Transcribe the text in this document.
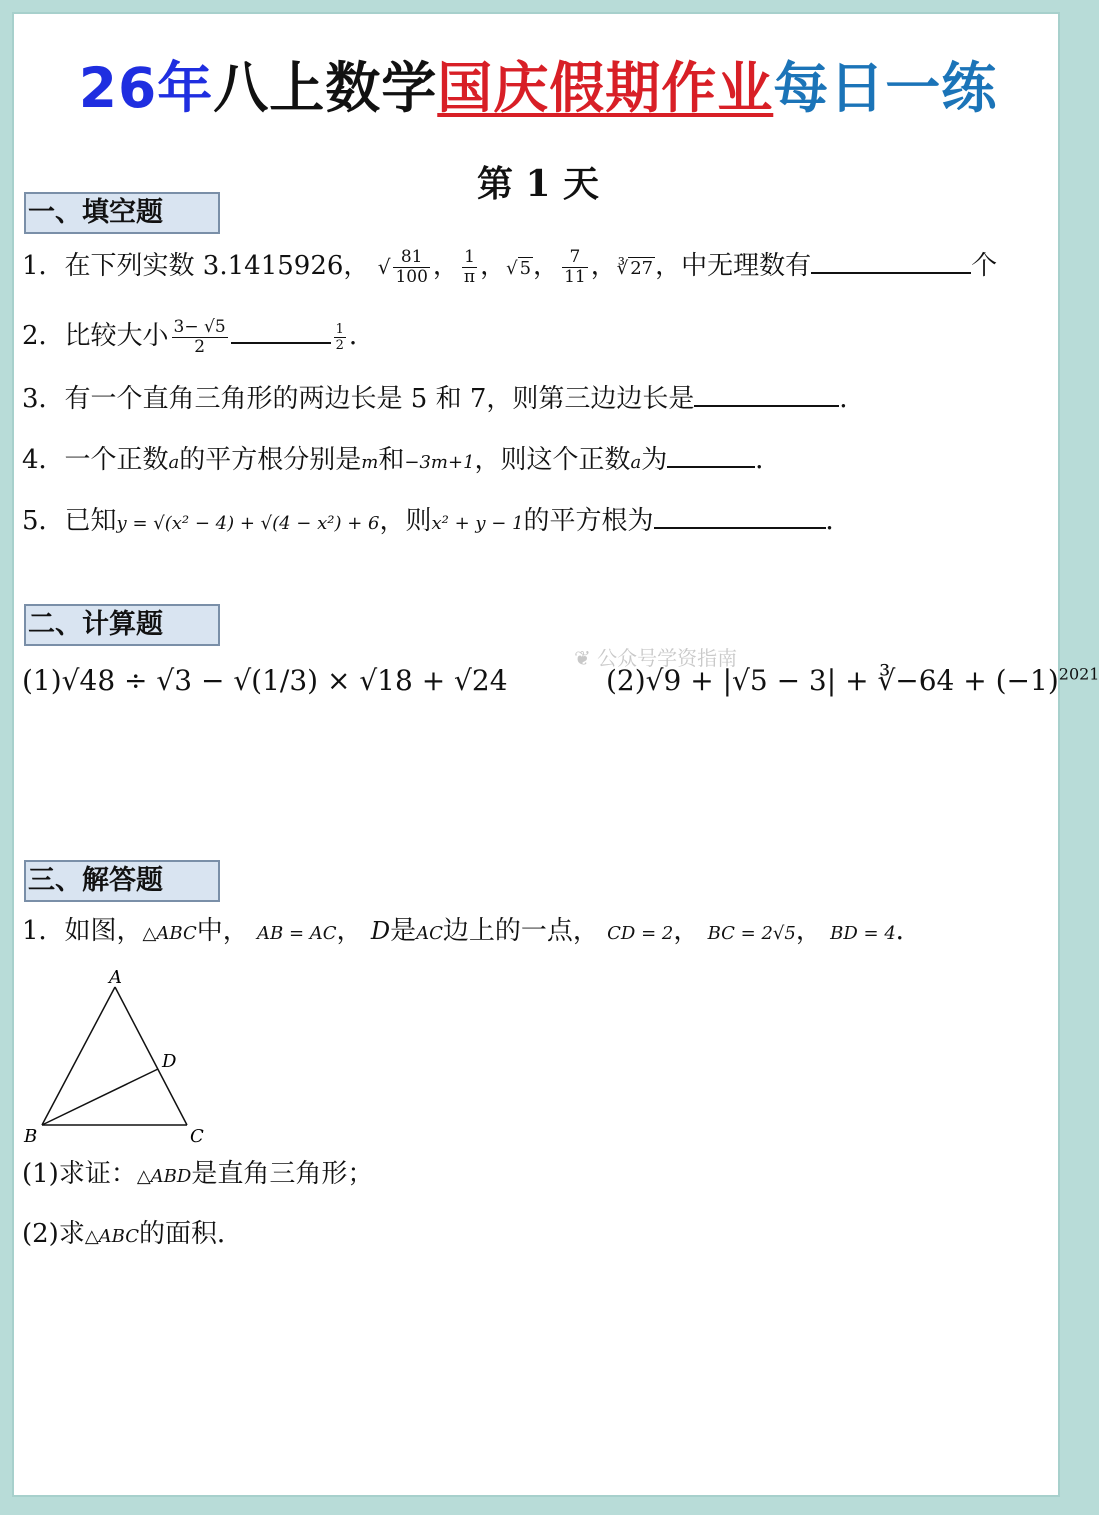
26年八上数学国庆假期作业每日一练
第 1 天
一、填空题
1．在下列实数 3.1415926， √ $\frac{81}{100}$ ， $\frac{1}{\pi}$ ，√ 5， $\frac{7}{11}$ ，∛ 27，中无理数有	个
2．比较大小 $\frac{3- √5}{2}$	$\frac{1}{2}$ ．
3．有一个直角三角形的两边长是 5 和 7，则第三边边长是	．
4．一个正数a的平方根分别是m和−3m+1，则这个正数a为	．
5．已知y = √(x² − 4) + √(4 − x²) + 6，则x² + y − 1的平方根为	．
二、计算题
❦ 公众号学资指南
(1)√48 ÷ √3 − √(1/3) × √18 + √24	(2)√9 + |√5 − 3| + ∛−64 + $(-1)^{2021}$
三、解答题
1．如图，△ABC中， AB = AC， D是AC边上的一点， CD = 2， BC = 2√5， BD = 4．
A
D
B	C
(1)求证：△ABD是直角三角形；
(2)求△ABC的面积．
